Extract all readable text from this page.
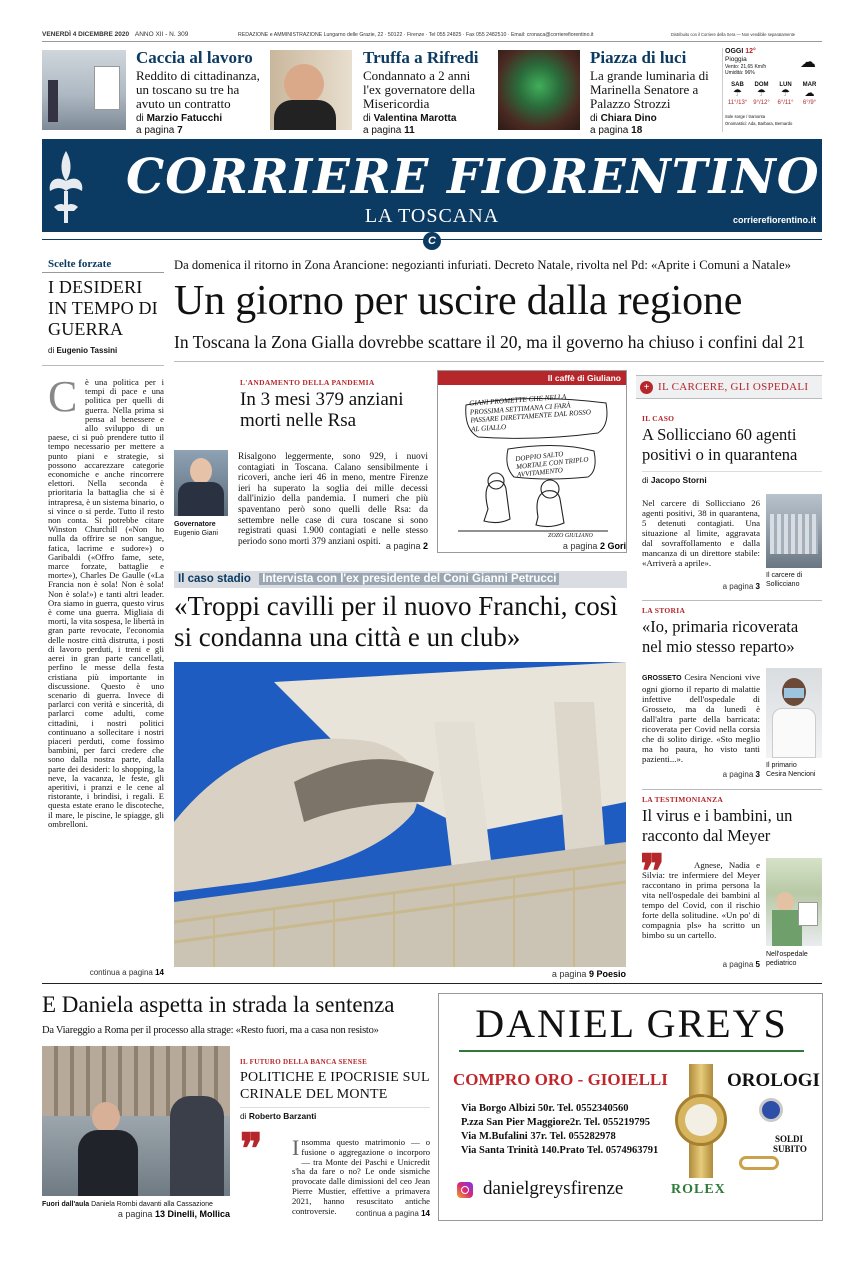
VENERDÌ 4 DICEMBRE 2020 ANNO XII - N. 309	REDAZIONE e AMMINISTRAZIONE Lungarno delle Grazie, 22 · 50122 · Firenze · Tel 055 24825 · Fax 055 2482510 · Email: cronaca@corrierefiorentino.it	Distribuito con il Corriere della Sera — Non vendibile separatamente
Caccia al lavoro
Reddito di cittadinanza, un toscano su tre ha avuto un contratto
di Marzio Fatucchi
a pagina 7
Truffa a Rifredi
Condannato a 2 anni l'ex governatore della Misericordia
di Valentina Marotta
a pagina 11
Piazza di luci
La grande luminaria di Marinella Senatore a Palazzo Strozzi
di Chiara Dino
a pagina 18
OGGI 12°
Pioggia
Vento: 21,65 Km/h
Umidità: 96%
☁
SAB
☂
11°/13°
DOM
☂
9°/12°
LUN
☂
6°/11°
MAR
☁
6°/9°
Sole sorge / tramonta
Onomastici: Ada, Barbara, Bernardo
CORRIERE FIORENTINO
LA TOSCANA	corrierefiorentino.it
C
Scelte forzate
I DESIDERI IN TEMPO DI GUERRA
di Eugenio Tassini
Cè una politica per i tempi di pace e una politica per quelli di guerra. Nella prima si pensa al benessere e allo sviluppo di un paese, ci si può prendere tutto il tempo necessario per mettere a punto piani e strategie, si possono accarezzare categorie economiche e anche rincorrere elettori. Nella seconda è prioritaria la battaglia che si è intrapresa, è un sistema binario, o si vince o si perde. Tutto il resto non conta. Si potrebbe citare Winston Churchill («Non ho nulla da offrire se non sangue, fatica, lacrime e sudore») o Garibaldi («Offro fame, sete, marce forzate, battaglie e morte»), Charles De Gaulle («La Francia non è sola! Non è sola! Non è sola!») e tanti altri leader. Ora siamo in guerra, questo virus è come una guerra. Migliaia di morti, la vita sospesa, le libertà in gran parte revocate, l'economia delle nostre città distrutta, i posti di lavoro perduti, i treni e gli aerei in gran parte cancellati, perfino le messe della festa cristiana più importante in discussione. Questo è uno scenario di guerra. Invece di parlarci con verità e sincerità, di parlarci come adulti, come cittadini, i nostri politici continuano a sollecitare i nostri piaceri perduti, come fossimo bambini, per farci credere che sono dalla nostra parte, dalla parte dei desideri: lo shopping, la neve, la vacanza, le feste, gli aperitivi, i pranzi e le cene al ristorante, i brindisi, i regali. E questa estate erano le discoteche, il mare, le piscine, le spiagge, gli ombrelloni.
continua a pagina 14
Da domenica il ritorno in Zona Arancione: negozianti infuriati. Decreto Natale, rivolta nel Pd: «Aprite i Comuni a Natale»
Un giorno per uscire dalla regione
In Toscana la Zona Gialla dovrebbe scattare il 20, ma il governo ha chiuso i confini dal 21
L'ANDAMENTO DELLA PANDEMIA
In 3 mesi 379 anziani morti nelle Rsa
Governatore
Eugenio Giani
Risalgono leggermente, sono 929, i nuovi contagiati in Toscana. Calano sensibilmente i ricoveri, anche ieri 46 in meno, mentre Firenze ieri ha superato la soglia dei mille decessi dall'inizio della pandemia. I numeri che più spaventano però sono quelli delle Rsa: da settembre nelle case di cura toscane si sono registrati quasi 1.900 contagiati e nelle stesso periodo sono morti 379 anziani ospiti. a pagina 2
Il caffè di Giuliano
GIANI PROMETTE CHE NELLA PROSSIMA SETTIMANA CI FARÀ PASSARE DIRETTAMENTE DAL ROSSO AL GIALLO
DOPPIO SALTO MORTALE CON TRIPLO AVVITAMENTO
ZOZO GIULIANO
a pagina 2 Gori
Il caso stadio Intervista con l'ex presidente del Coni Gianni Petrucci
«Troppi cavilli per il nuovo Franchi, così si condanna una città e un club»
a pagina 9 Poesio
+ IL CARCERE, GLI OSPEDALI
IL CASO
A Sollicciano 60 agenti positivi o in quarantena
di Jacopo Storni
Nel carcere di Sollicciano 26 agenti positivi, 38 in quarantena, 5 detenuti contagiati. Una situazione al limite, aggravata dal sovraffollamento e dalla mancanza di un direttore stabile: «Arriverà a aprile».
Il carcere di Sollicciano
a pagina 3
LA STORIA
«Io, primaria ricoverata nel mio stesso reparto»
GROSSETO Cesira Nencioni vive ogni giorno il reparto di malattie infettive dell'ospedale di Grosseto, ma da lunedì è dall'altra parte della barricata: ricoverata per Covid nella corsia che di solito dirige. «Sto meglio ma ho paura, ho visto tanti pazienti...».
Il primario
Cesira Nencioni
a pagina 3
LA TESTIMONIANZA
Il virus e i bambini, un racconto dal Meyer
❞	Agnese, Nadia e Silvia: tre infermiere del Meyer raccontano in prima persona la vita nell'ospedale dei bambini al tempo del Covid, con il rischio forte della solitudine. «Un po' di compagnia pls» ha scritto un bimbo su un cartello.
Nell'ospedale pediatrico
a pagina 5
E Daniela aspetta in strada la sentenza
Da Viareggio a Roma per il processo alla strage: «Resto fuori, ma a casa non resisto»
Fuori dall'aula Daniela Rombi davanti alla Cassazione
a pagina 13 Dinelli, Mollica
IL FUTURO DELLA BANCA SENESE
POLITICHE E IPOCRISIE SUL CRINALE DEL MONTE
di Roberto Barzanti
❞ Insomma questo matrimonio — o fusione o aggregazione o incorporo — tra Monte dei Paschi e Unicredit s'ha da fare o no? Le onde sismiche provocate dalle dimissioni del ceo Jean Pierre Mustier, effettive a primavera 2021, hanno resuscitato antiche controversie.	continua a pagina 14
DANIEL GREYS
COMPRO ORO - GIOIELLI	OROLOGI
Via Borgo Albizi 50r. Tel. 0552340560
P.zza San Pier Maggiore2r. Tel. 055219795
Via M.Bufalini 37r. Tel. 055282978
Via Santa Trinità 140.Prato Tel. 0574963791
SOLDI
SUBITO
ROLEX
danielgreysfirenze
